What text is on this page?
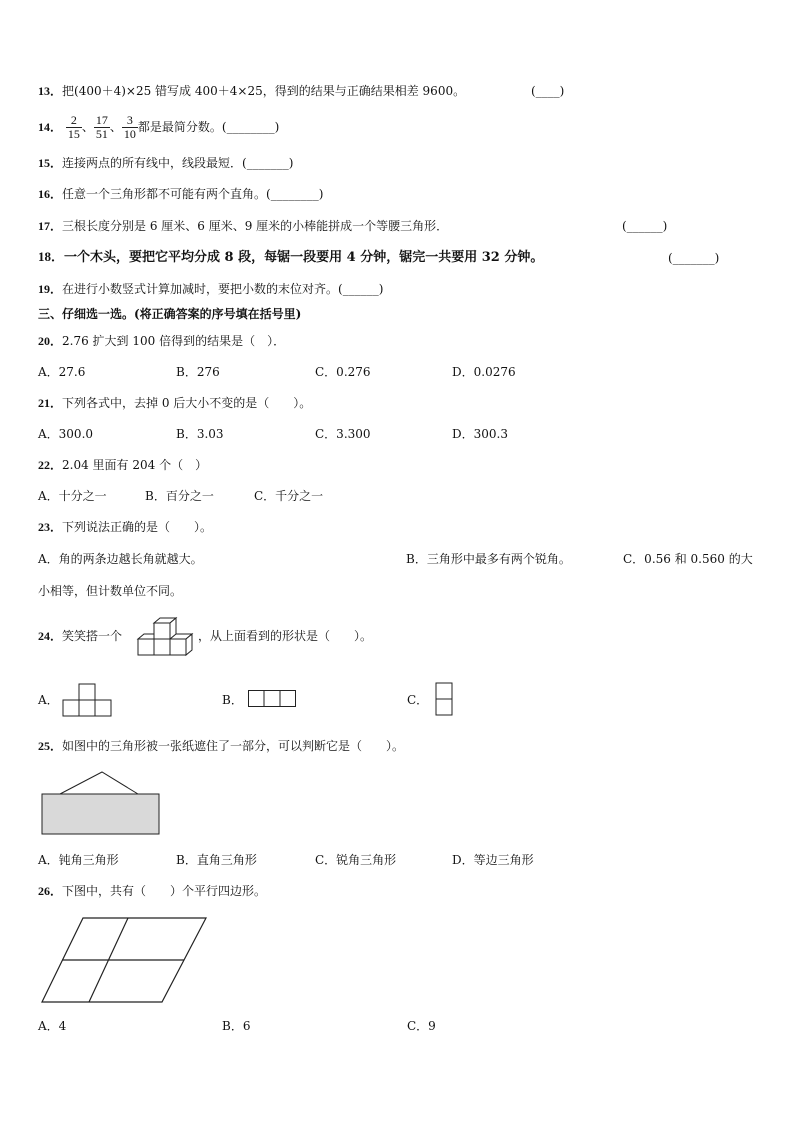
13．把(400＋4)×25 错写成 400＋4×25，得到的结果与正确结果相差 9600。	(____)
14． $\frac{2}{15}$ 、 $\frac{17}{51}$ 、 $\frac{3}{10}$ 都是最简分数。(________)
15．连接两点的所有线中，线段最短．(_______)
16．任意一个三角形都不可能有两个直角。(________)
17．三根长度分别是 6 厘米、6 厘米、9 厘米的小棒能拼成一个等腰三角形．	(______)
18．一个木头，要把它平均分成 8 段，每锯一段要用 4 分钟，锯完一共要用 32 分钟。	(_______)
19．在进行小数竖式计算加减时，要把小数的末位对齐。(______)
三、仔细选一选。(将正确答案的序号填在括号里)
20．2.76 扩大到 100 倍得到的结果是（　）．
A．27.6	B．276	C．0.276	D．0.0276
21．下列各式中，去掉 0 后大小不变的是（　　）。
A．300.0	B．3.03	C．3.300	D．300.3
22．2.04 里面有 204 个（　）
A．十分之一	B．百分之一	C．千分之一
23．下列说法正确的是（　　）。
A．角的两条边越长角就越大。	B．三角形中最多有两个锐角。	C．0.56 和 0.560 的大
小相等，但计数单位不同。
24．笑笑搭一个	，从上面看到的形状是（　　）。
A．	B．	C．
25．如图中的三角形被一张纸遮住了一部分，可以判断它是（　　）。
A．钝角三角形	B．直角三角形	C．锐角三角形	D．等边三角形
26．下图中，共有（　　）个平行四边形。
A．4	B．6	C．9
